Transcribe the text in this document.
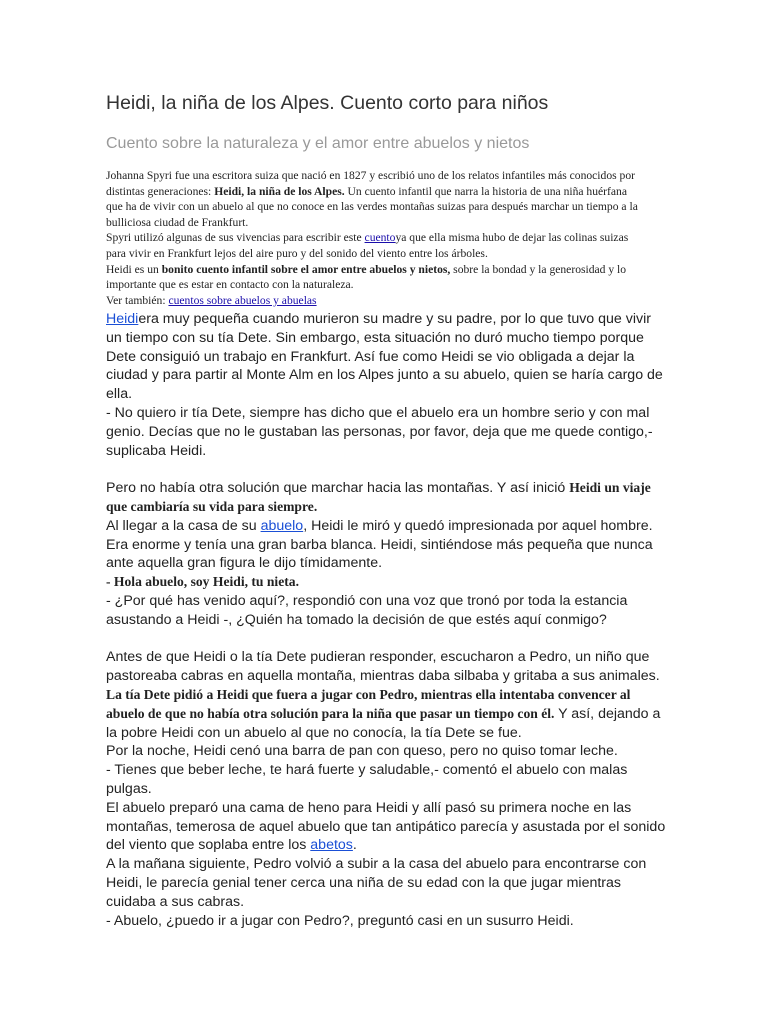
Heidi, la niña de los Alpes. Cuento corto para niños
Cuento sobre la naturaleza y el amor entre abuelos y nietos

Johanna Spyri fue una escritora suiza que nació en 1827 y escribió uno de los relatos infantiles más conocidos por distintas generaciones: Heidi, la niña de los Alpes. Un cuento infantil que narra la historia de una niña huérfana que ha de vivir con un abuelo al que no conoce en las verdes montañas suizas para después marchar un tiempo a la bulliciosa ciudad de Frankfurt.

Spyri utilizó algunas de sus vivencias para escribir este cuentoya que ella misma hubo de dejar las colinas suizas para vivir en Frankfurt lejos del aire puro y del sonido del viento entre los árboles.

Heidi es un bonito cuento infantil sobre el amor entre abuelos y nietos, sobre la bondad y la generosidad y lo importante que es estar en contacto con la naturaleza.

Ver también: cuentos sobre abuelos y abuelas

Heidiera muy pequeña cuando murieron su madre y su padre, por lo que tuvo que vivir un tiempo con su tía Dete. Sin embargo, esta situación no duró mucho tiempo porque Dete consiguió un trabajo en Frankfurt. Así fue como Heidi se vio obligada a dejar la ciudad y para partir al Monte Alm en los Alpes junto a su abuelo, quien se haría cargo de ella.

- No quiero ir tía Dete, siempre has dicho que el abuelo era un hombre serio y con mal genio. Decías que no le gustaban las personas, por favor, deja que me quede contigo,- suplicaba Heidi.

Pero no había otra solución que marchar hacia las montañas. Y así inició Heidi un viaje que cambiaría su vida para siempre.

Al llegar a la casa de su abuelo, Heidi le miró y quedó impresionada por aquel hombre. Era enorme y tenía una gran barba blanca. Heidi, sintiéndose más pequeña que nunca ante aquella gran figura le dijo tímidamente.

- Hola abuelo, soy Heidi, tu nieta.

- ¿Por qué has venido aquí?, respondió con una voz que tronó por toda la estancia asustando a Heidi -, ¿Quién ha tomado la decisión de que estés aquí conmigo?

Antes de que Heidi o la tía Dete pudieran responder, escucharon a Pedro, un niño que pastoreaba cabras en aquella montaña, mientras daba silbaba y gritaba a sus animales.

La tía Dete pidió a Heidi que fuera a jugar con Pedro, mientras ella intentaba convencer al abuelo de que no había otra solución para la niña que pasar un tiempo con él. Y así, dejando a la pobre Heidi con un abuelo al que no conocía, la tía Dete se fue.

Por la noche, Heidi cenó una barra de pan con queso, pero no quiso tomar leche.

- Tienes que beber leche, te hará fuerte y saludable,- comentó el abuelo con malas pulgas.

El abuelo preparó una cama de heno para Heidi y allí pasó su primera noche en las montañas, temerosa de aquel abuelo que tan antipático parecía y asustada por el sonido del viento que soplaba entre los abetos.

A la mañana siguiente, Pedro volvió a subir a la casa del abuelo para encontrarse con Heidi, le parecía genial tener cerca una niña de su edad con la que jugar mientras cuidaba a sus cabras.

- Abuelo, ¿puedo ir a jugar con Pedro?, preguntó casi en un susurro Heidi.
